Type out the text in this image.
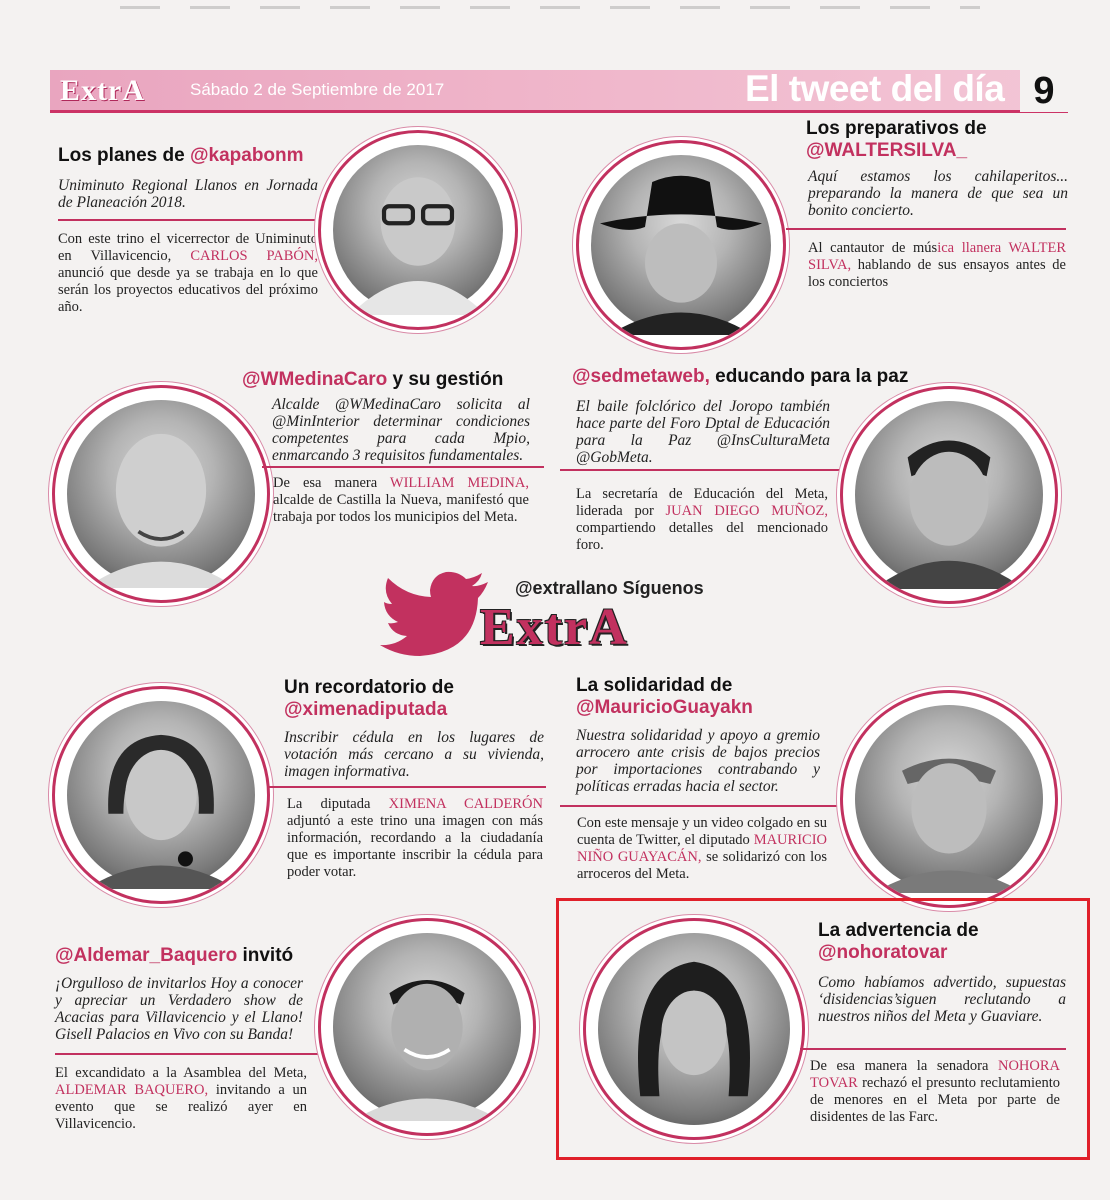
ExtrA	Sábado 2 de Septiembre de 2017	El tweet del día 9

Los planes de @kapabonm

Uniminuto Regional Llanos en Jornada de Planeación 2018.
Con este trino el vicerrector de Uniminuto en Villavicencio, CARLOS PABÓN, anunció que desde ya se trabaja en lo que serán los proyectos educativos del próximo año.

Los preparativos de
@WALTERSILVA_

Aquí estamos los cahilaperitos... preparando la manera de que sea un bonito concierto.
Al cantautor de música llanera WALTER SILVA, hablando de sus ensayos antes de los conciertos

@WMedinaCaro y su gestión

Alcalde @WMedinaCaro solicita al @MinInterior determinar condiciones competentes para cada Mpio, enmarcando 3 requisitos fundamentales.
De esa manera WILLIAM MEDINA, alcalde de Castilla la Nueva, manifestó que trabaja por todos los municipios del Meta.

@sedmetaweb, educando para la paz

El baile folclórico del Joropo también hace parte del Foro Dptal de Educación para la Paz @InsCulturaMeta @GobMeta.
La secretaría de Educación del Meta, liderada por JUAN DIEGO MUÑOZ, compartiendo detalles del mencionado foro.
@extrallano Síguenos
ExtrA

Un recordatorio de
@ximenadiputada

Inscribir cédula en los lugares de votación más cercano a su vivienda, imagen informativa.
La diputada XIMENA CALDERÓN adjuntó a este trino una imagen con más información, recordando a la ciudadanía que es importante inscribir la cédula para poder votar.

La solidaridad de
@MauricioGuayakn

Nuestra solidaridad y apoyo a gremio arrocero ante crisis de bajos precios por importaciones contrabando y políticas erradas hacia el sector.
Con este mensaje y un video colgado en su cuenta de Twitter, el diputado MAURICIO NIÑO GUAYACÁN, se solidarizó con los arroceros del Meta.

@Aldemar_Baquero invitó

¡Orgulloso de invitarlos Hoy a conocer y apreciar un Verdadero show de Acacias para Villavicencio y el Llano! Gisell Palacios en Vivo con su Banda!
El excandidato a la Asamblea del Meta, ALDEMAR BAQUERO, invitando a un evento que se realizó ayer en Villavicencio.

La advertencia de
@nohoratovar

Como habíamos advertido, supuestas ‘disidencias’siguen reclutando a nuestros niños del Meta y Guaviare.
De esa manera la senadora NOHORA TOVAR rechazó el presunto reclutamiento de menores en el Meta por parte de disidentes de las Farc.
